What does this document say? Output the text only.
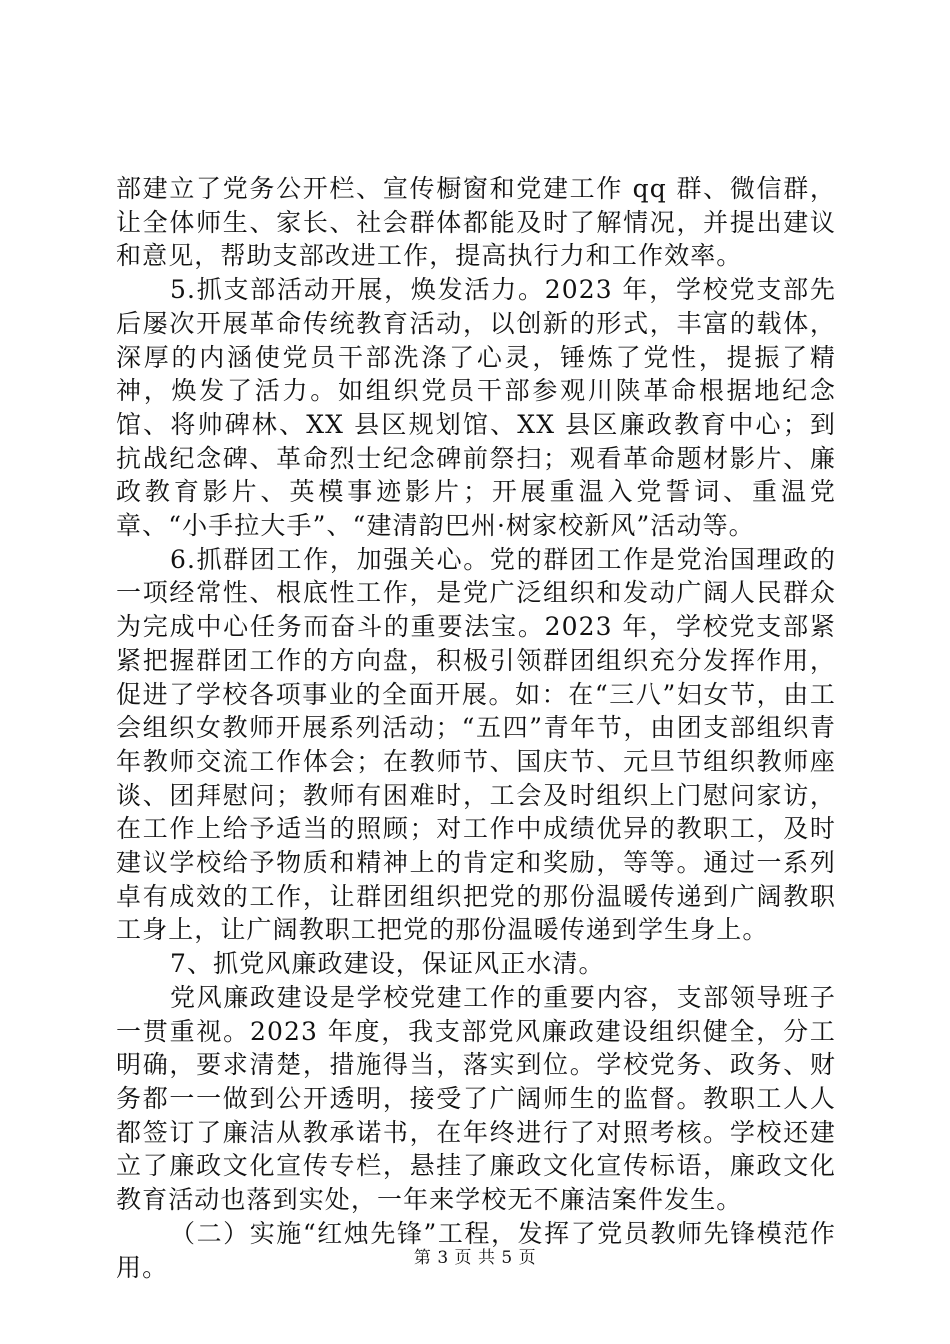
部建立了党务公开栏、宣传橱窗和党建工作 qq 群、微信群，让全体师生、家长、社会群体都能及时了解情况，并提出建议和意见，帮助支部改进工作，提高执行力和工作效率。

5.抓支部活动开展，焕发活力。2023 年，学校党支部先后屡次开展革命传统教育活动，以创新的形式，丰富的载体，深厚的内涵使党员干部洗涤了心灵，锤炼了党性，提振了精神，焕发了活力。如组织党员干部参观川陕革命根据地纪念馆、将帅碑林、XX 县区规划馆、XX 县区廉政教育中心；到抗战纪念碑、革命烈士纪念碑前祭扫；观看革命题材影片、廉政教育影片、英模事迹影片；开展重温入党誓词、重温党章、“小手拉大手”、“建清韵巴州·树家校新风”活动等。

6.抓群团工作，加强关心。党的群团工作是党治国理政的一项经常性、根底性工作，是党广泛组织和发动广阔人民群众为完成中心任务而奋斗的重要法宝。2023 年，学校党支部紧紧把握群团工作的方向盘，积极引领群团组织充分发挥作用，促进了学校各项事业的全面开展。如：在“三八”妇女节，由工会组织女教师开展系列活动；“五四”青年节，由团支部组织青年教师交流工作体会；在教师节、国庆节、元旦节组织教师座谈、团拜慰问；教师有困难时，工会及时组织上门慰问家访，在工作上给予适当的照顾；对工作中成绩优异的教职工，及时建议学校给予物质和精神上的肯定和奖励，等等。通过一系列卓有成效的工作，让群团组织把党的那份温暖传递到广阔教职工身上，让广阔教职工把党的那份温暖传递到学生身上。

7、抓党风廉政建设，保证风正水清。

党风廉政建设是学校党建工作的重要内容，支部领导班子一贯重视。2023 年度，我支部党风廉政建设组织健全，分工明确，要求清楚，措施得当，落实到位。学校党务、政务、财务都一一做到公开透明，接受了广阔师生的监督。教职工人人都签订了廉洁从教承诺书，在年终进行了对照考核。学校还建立了廉政文化宣传专栏，悬挂了廉政文化宣传标语，廉政文化教育活动也落到实处，一年来学校无不廉洁案件发生。

（二）实施“红烛先锋”工程，发挥了党员教师先锋模范作用。	第 3 页 共 5 页
